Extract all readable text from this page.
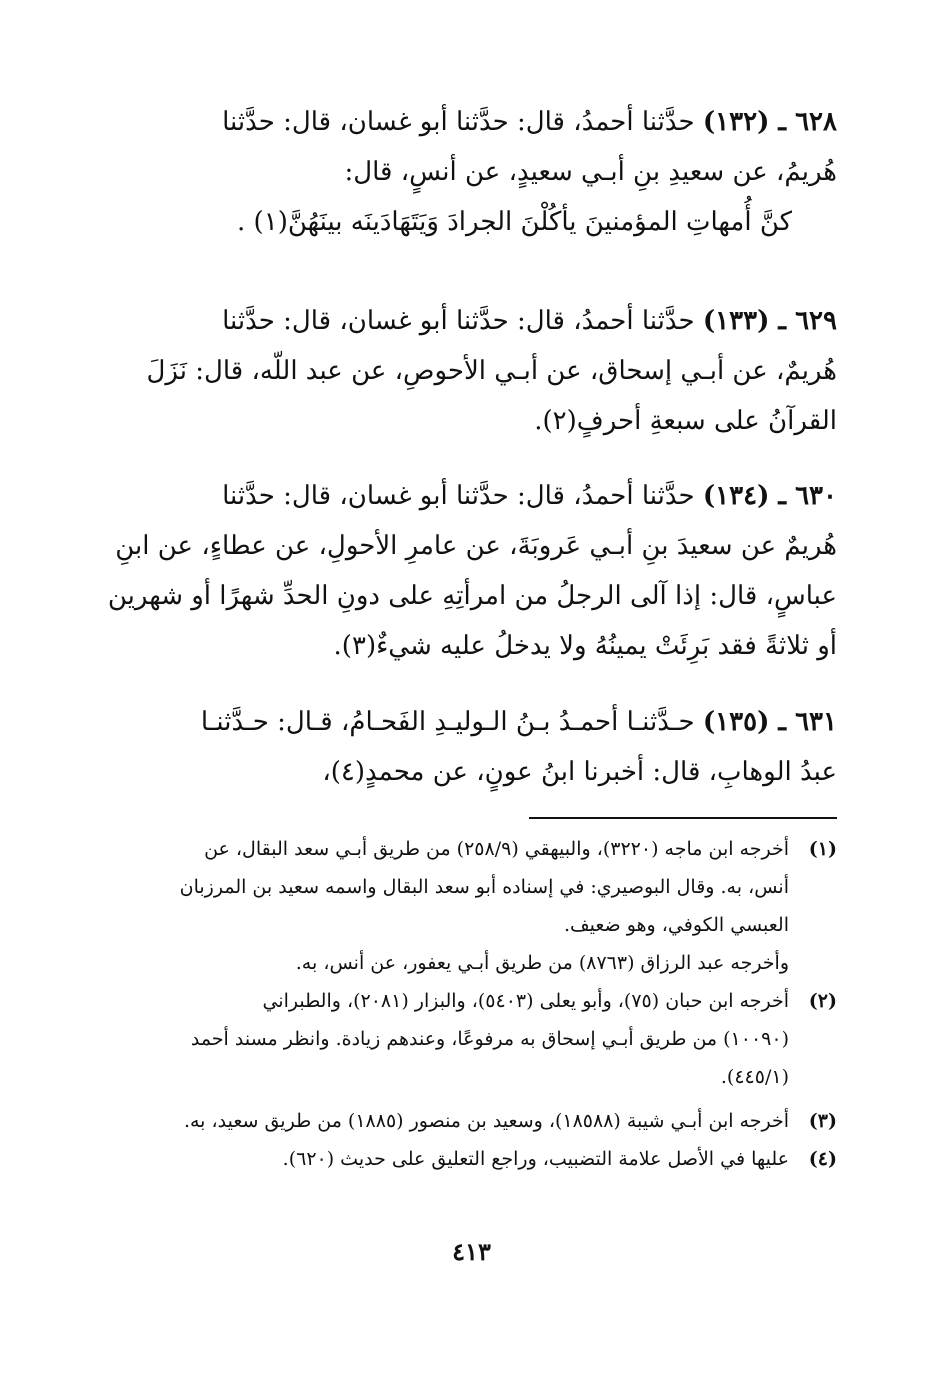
٦٢٨ ـ (١٣٢) حدَّثنا أحمدُ، قال: حدَّثنا أبو غسان، قال: حدَّثنا

هُريمُ، عن سعيدِ بنِ أبـي سعيدٍ، عن أنسٍ، قال:

كنَّ أُمهاتِ المؤمنينَ يأكُلْنَ الجرادَ وَيَتَهَادَينَه بينَهُنَّ(١) .

٦٢٩ ـ (١٣٣) حدَّثنا أحمدُ، قال: حدَّثنا أبو غسان، قال: حدَّثنا

هُريمٌ، عن أبـي إسحاق، عن أبـي الأحوصِ، عن عبد اللّه، قال: نَزَلَ

القرآنُ على سبعةِ أحرفٍ(٢).

٦٣٠ ـ (١٣٤) حدَّثنا أحمدُ، قال: حدَّثنا أبو غسان، قال: حدَّثنا

هُريمٌ عن سعيدَ بنِ أبـي عَروبَةَ، عن عامرِ الأحولِ، عن عطاءٍ، عن ابنِ

عباسٍ، قال: إذا آلى الرجلُ من امرأتِهِ على دونِ الحدِّ شهرًا أو شهرين

أو ثلاثةً فقد بَرِئَتْ يمينُهُ ولا يدخلُ عليه شيءٌ(٣).

٦٣١ ـ (١٣٥) حـدَّثنـا أحمـدُ بـنُ الـوليـدِ الفَحـامُ، قـال: حـدَّثنـا

عبدُ الوهابِ، قال: أخبرنا ابنُ عونٍ، عن محمدٍ(٤)،

(١)
أخرجه ابن ماجه (٣٢٢٠)، والبيهقي (٢٥٨/٩) من طريق أبـي سعد البقال، عن
أنس، به. وقال البوصيري: في إسناده أبو سعد البقال واسمه سعيد بن المرزبان
العبسي الكوفي، وهو ضعيف.
وأخرجه عبد الرزاق (٨٧٦٣) من طريق أبـي يعفور، عن أنس، به.
(٢)
أخرجه ابن حبان (٧٥)، وأبو يعلى (٥٤٠٣)، والبزار (٢٠٨١)، والطبراني
(١٠٠٩٠) من طريق أبـي إسحاق به مرفوعًا، وعندهم زيادة. وانظر مسند أحمد
(٤٤٥/١).
(٣)
أخرجه ابن أبـي شيبة (١٨٥٨٨)، وسعيد بن منصور (١٨٨٥) من طريق سعيد، به.
(٤)
عليها في الأصل علامة التضبيب، وراجع التعليق على حديث (٦٢٠).
٤١٣
